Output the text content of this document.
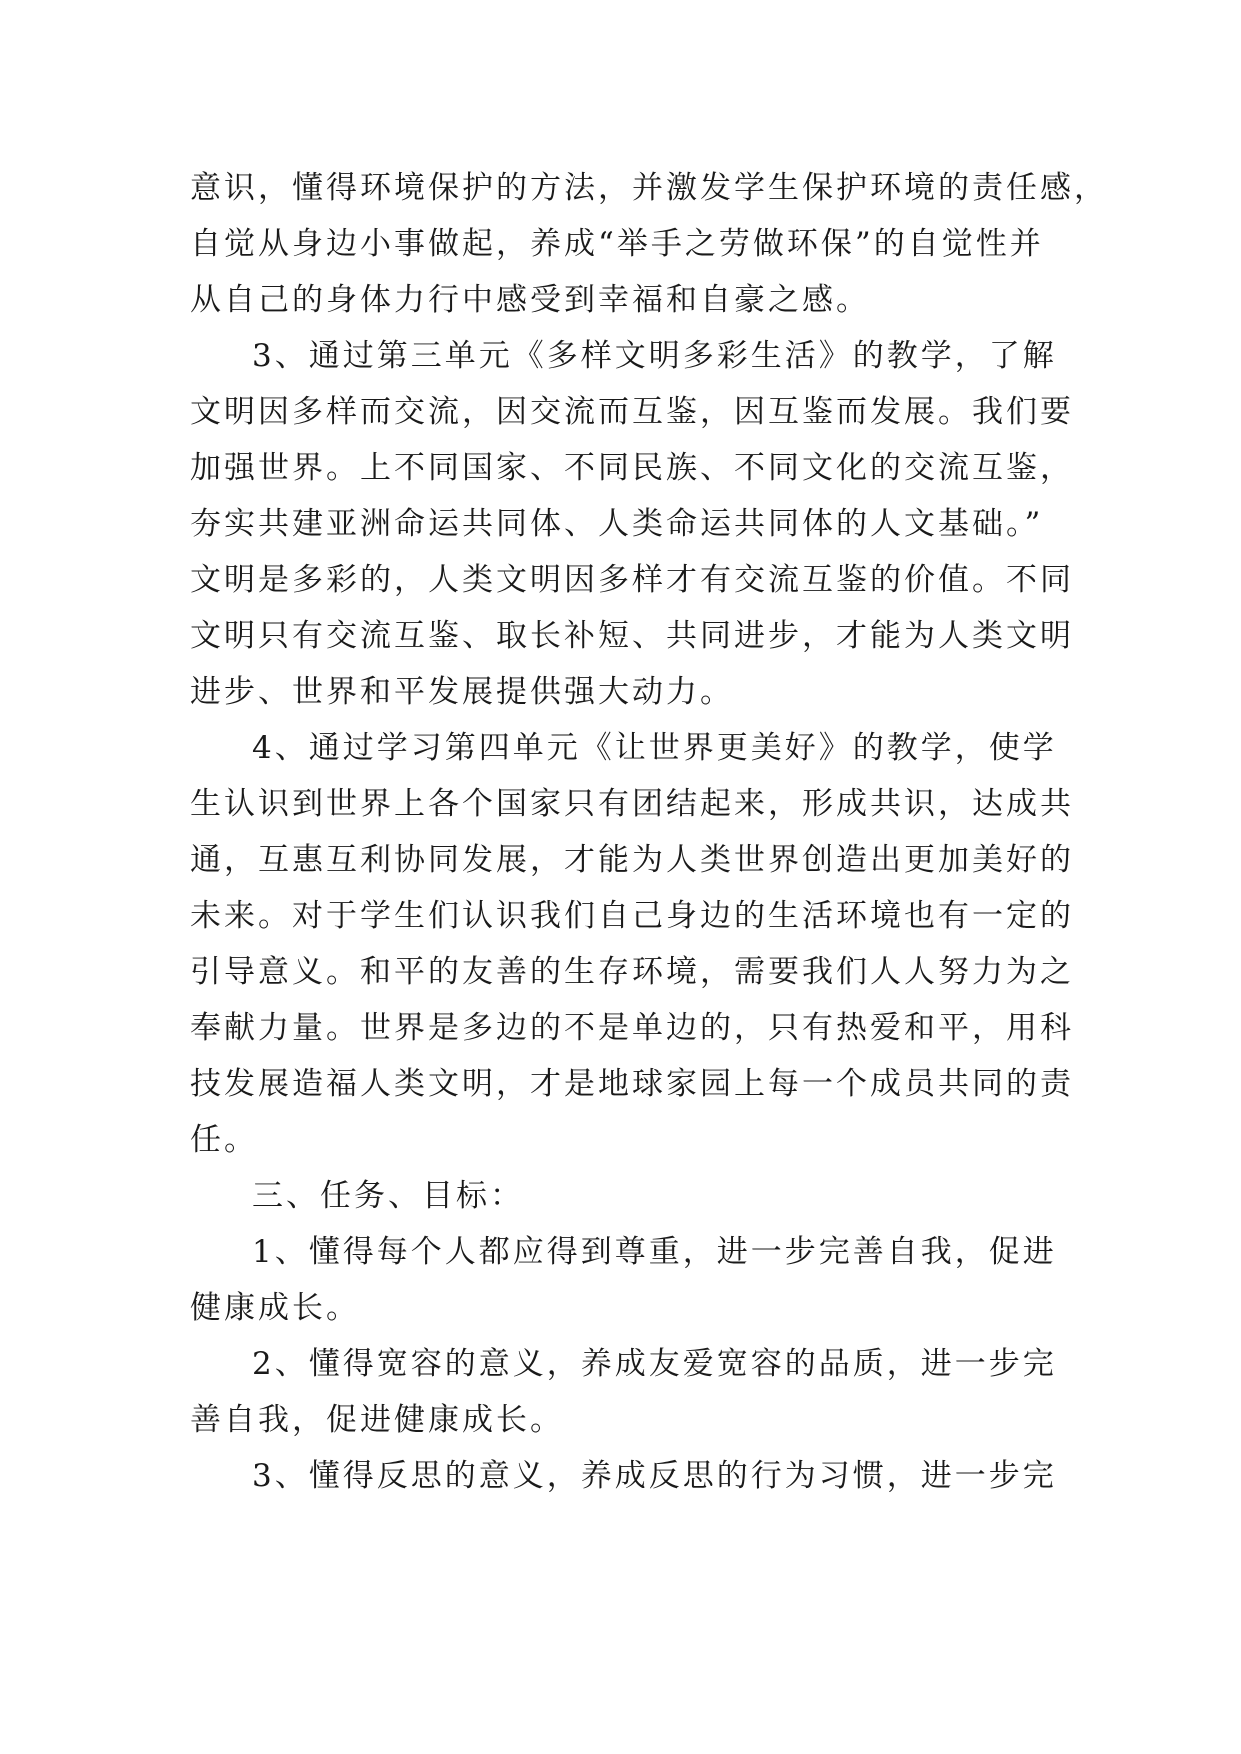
意识，懂得环境保护的方法，并激发学生保护环境的责任感，
自觉从身边小事做起，养成“举手之劳做环保”的自觉性并
从自己的身体力行中感受到幸福和自豪之感。
3、通过第三单元《多样文明多彩生活》的教学，了解
文明因多样而交流，因交流而互鉴，因互鉴而发展。我们要
加强世界。上不同国家、不同民族、不同文化的交流互鉴，
夯实共建亚洲命运共同体、人类命运共同体的人文基础。”
文明是多彩的，人类文明因多样才有交流互鉴的价值。不同
文明只有交流互鉴、取长补短、共同进步，才能为人类文明
进步、世界和平发展提供强大动力。
4、通过学习第四单元《让世界更美好》的教学，使学
生认识到世界上各个国家只有团结起来，形成共识，达成共
通，互惠互利协同发展，才能为人类世界创造出更加美好的
未来。对于学生们认识我们自己身边的生活环境也有一定的
引导意义。和平的友善的生存环境，需要我们人人努力为之
奉献力量。世界是多边的不是单边的，只有热爱和平，用科
技发展造福人类文明，才是地球家园上每一个成员共同的责
任。
三、任务、目标：
1、懂得每个人都应得到尊重，进一步完善自我，促进
健康成长。
2、懂得宽容的意义，养成友爱宽容的品质，进一步完
善自我，促进健康成长。
3、懂得反思的意义，养成反思的行为习惯，进一步完
